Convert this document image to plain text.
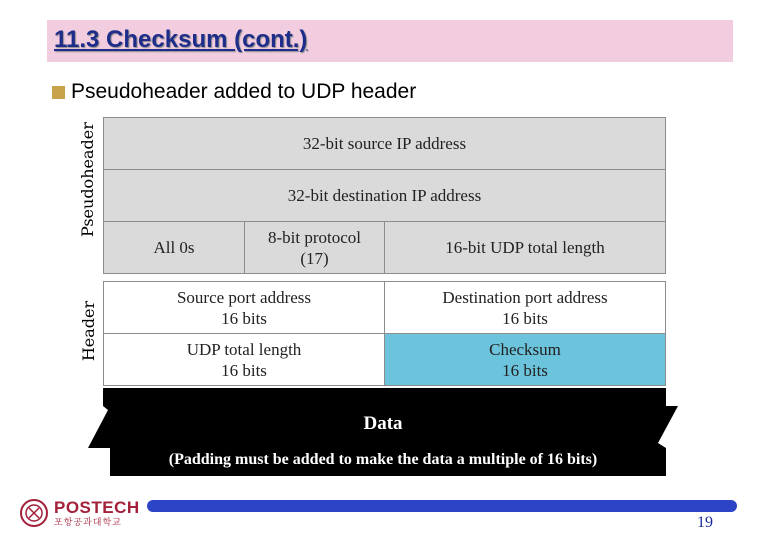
11.3 Checksum (cont.)
Pseudoheader added to UDP header
Pseudoheader
Header
32-bit source IP address
32-bit destination IP address
All 0s
8-bit protocol
(17)
16-bit UDP total length
Source port address
16 bits
Destination port address
16 bits
UDP total length
16 bits
Checksum
16 bits
Data
(Padding must be added to make the data a multiple of 16 bits)
POSTECH
포항공과대학교	19
